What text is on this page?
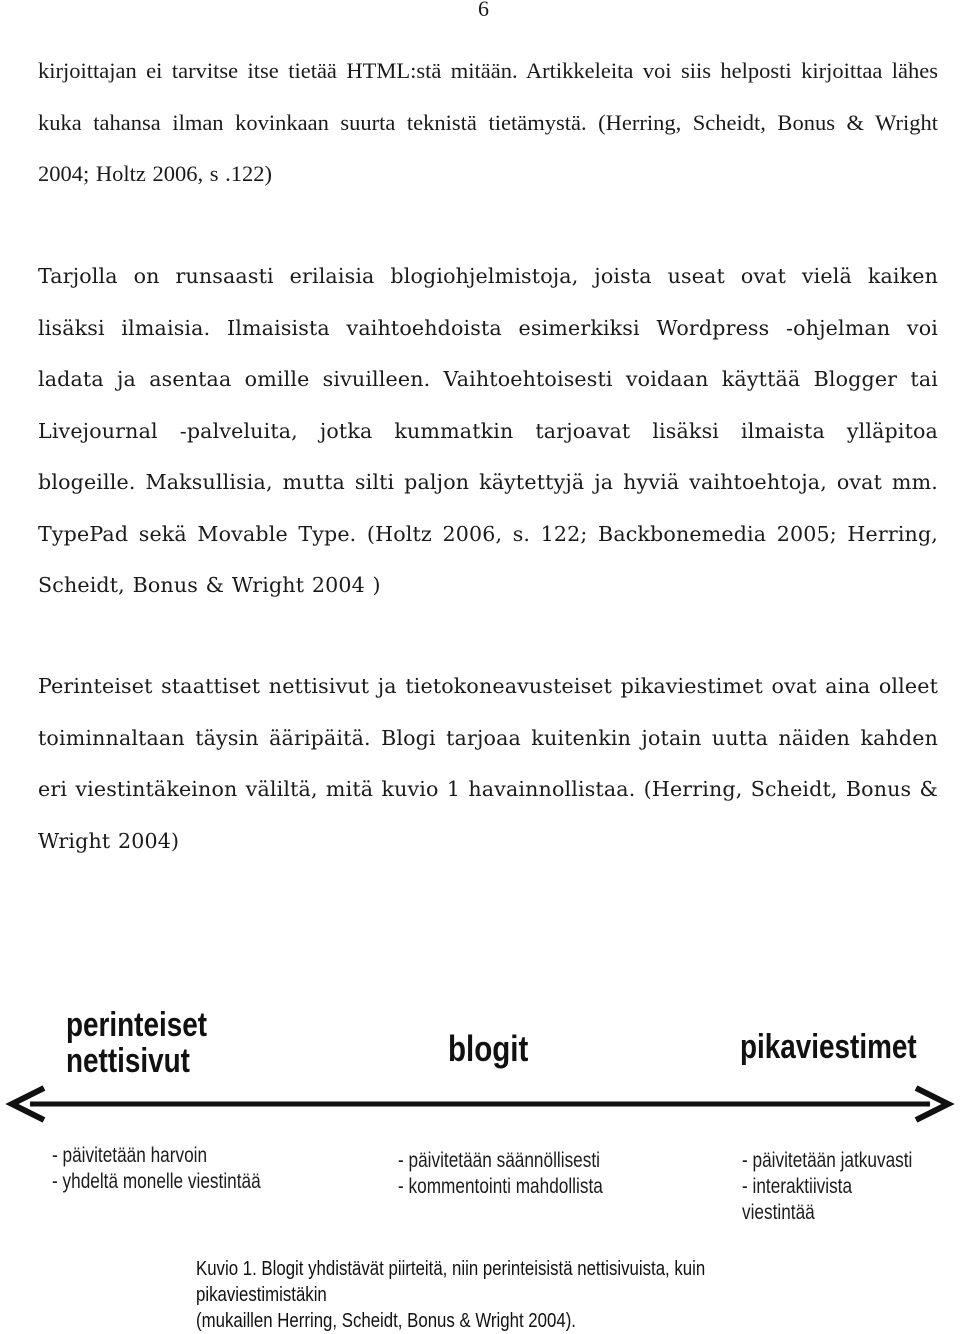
6

kirjoittajan ei tarvitse itse tietää HTML:stä mitään. Artikkeleita voi siis helposti kirjoittaa lähes kuka tahansa ilman kovinkaan suurta teknistä tietämystä. (Herring, Scheidt, Bonus & Wright 2004; Holtz 2006, s .122)

Tarjolla on runsaasti erilaisia blogiohjelmistoja, joista useat ovat vielä kaiken lisäksi ilmaisia. Ilmaisista vaihtoehdoista esimerkiksi Wordpress -ohjelman voi ladata ja asentaa omille sivuilleen. Vaihtoehtoisesti voidaan käyttää Blogger tai Livejournal -palveluita, jotka kummatkin tarjoavat lisäksi ilmaista ylläpitoa blogeille. Maksullisia, mutta silti paljon käytettyjä ja hyviä vaihtoehtoja, ovat mm. TypePad sekä Movable Type. (Holtz 2006, s. 122; Backbonemedia 2005; Herring, Scheidt, Bonus & Wright 2004 )

Perinteiset staattiset nettisivut ja tietokoneavusteiset pikaviestimet ovat aina olleet toiminnaltaan täysin ääripäitä. Blogi tarjoaa kuitenkin jotain uutta näiden kahden eri viestintäkeinon väliltä, mitä kuvio 1 havainnollistaa. (Herring, Scheidt, Bonus & Wright 2004)

perinteiset
nettisivut	blogit	pikaviestimet
- päivitetään harvoin
- yhdeltä monelle viestintää
- päivitetään säännöllisesti
- kommentointi mahdollista
- päivitetään jatkuvasti
- interaktiivista viestintää
Kuvio 1. Blogit yhdistävät piirteitä, niin perinteisistä nettisivuista, kuin pikaviestimistäkin
(mukaillen Herring, Scheidt, Bonus & Wright 2004).
